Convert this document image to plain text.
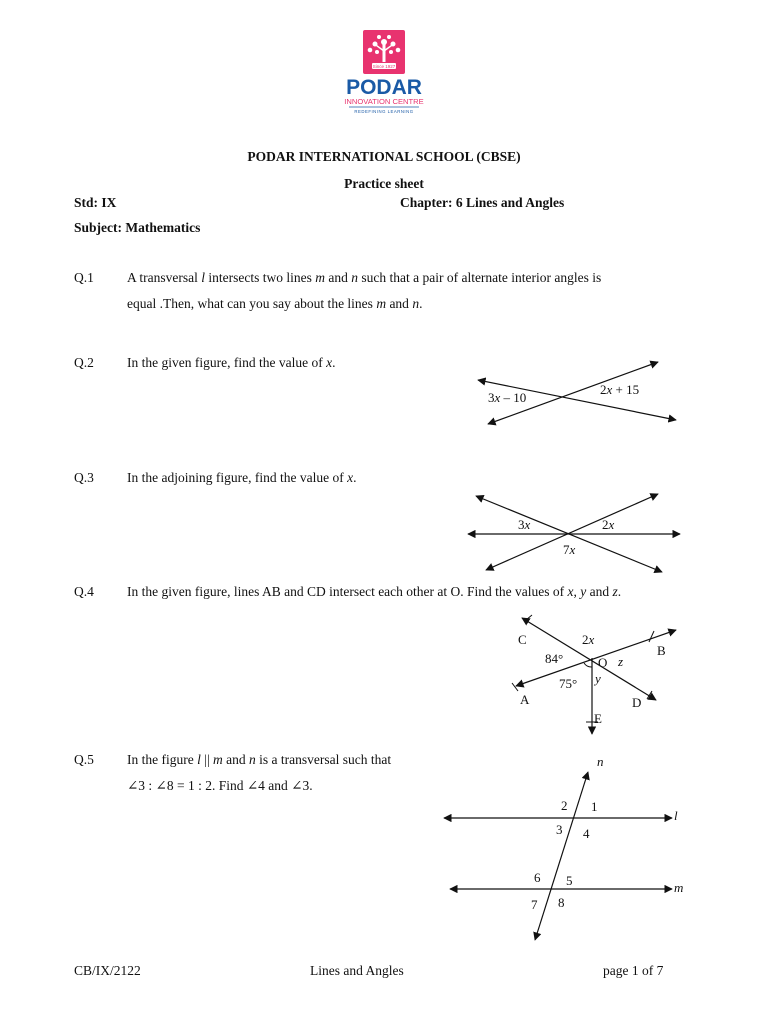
Since 1927
PODAR
INNOVATION CENTRE
REDEFINING LEARNING
PODAR INTERNATIONAL SCHOOL (CBSE)
Practice sheet
Std: IX	Chapter: 6 Lines and Angles
Subject: Mathematics
Q.1 A transversal l intersects two lines m and n such that a pair of alternate interior angles is
equal .Then, what can you say about the lines m and n.
Q.2 In the given figure, find the value of x.
3x – 10
2x + 15
Q.3 In the adjoining figure, find the value of x.
3x	2x
7x
Q.4 In the given figure, lines AB and CD intersect each other at O. Find the values of x, y and z.
C
A
B
D
E
O
2x
84°
75° y
z
Q.5 In the figure l || m and n is a transversal such that
∠3 : ∠8 = 1 : 2. Find ∠4 and ∠3.
n
l
m
2 1
3 4
6 5
7 8
CB/IX/2122	Lines and Angles	page 1 of 7
